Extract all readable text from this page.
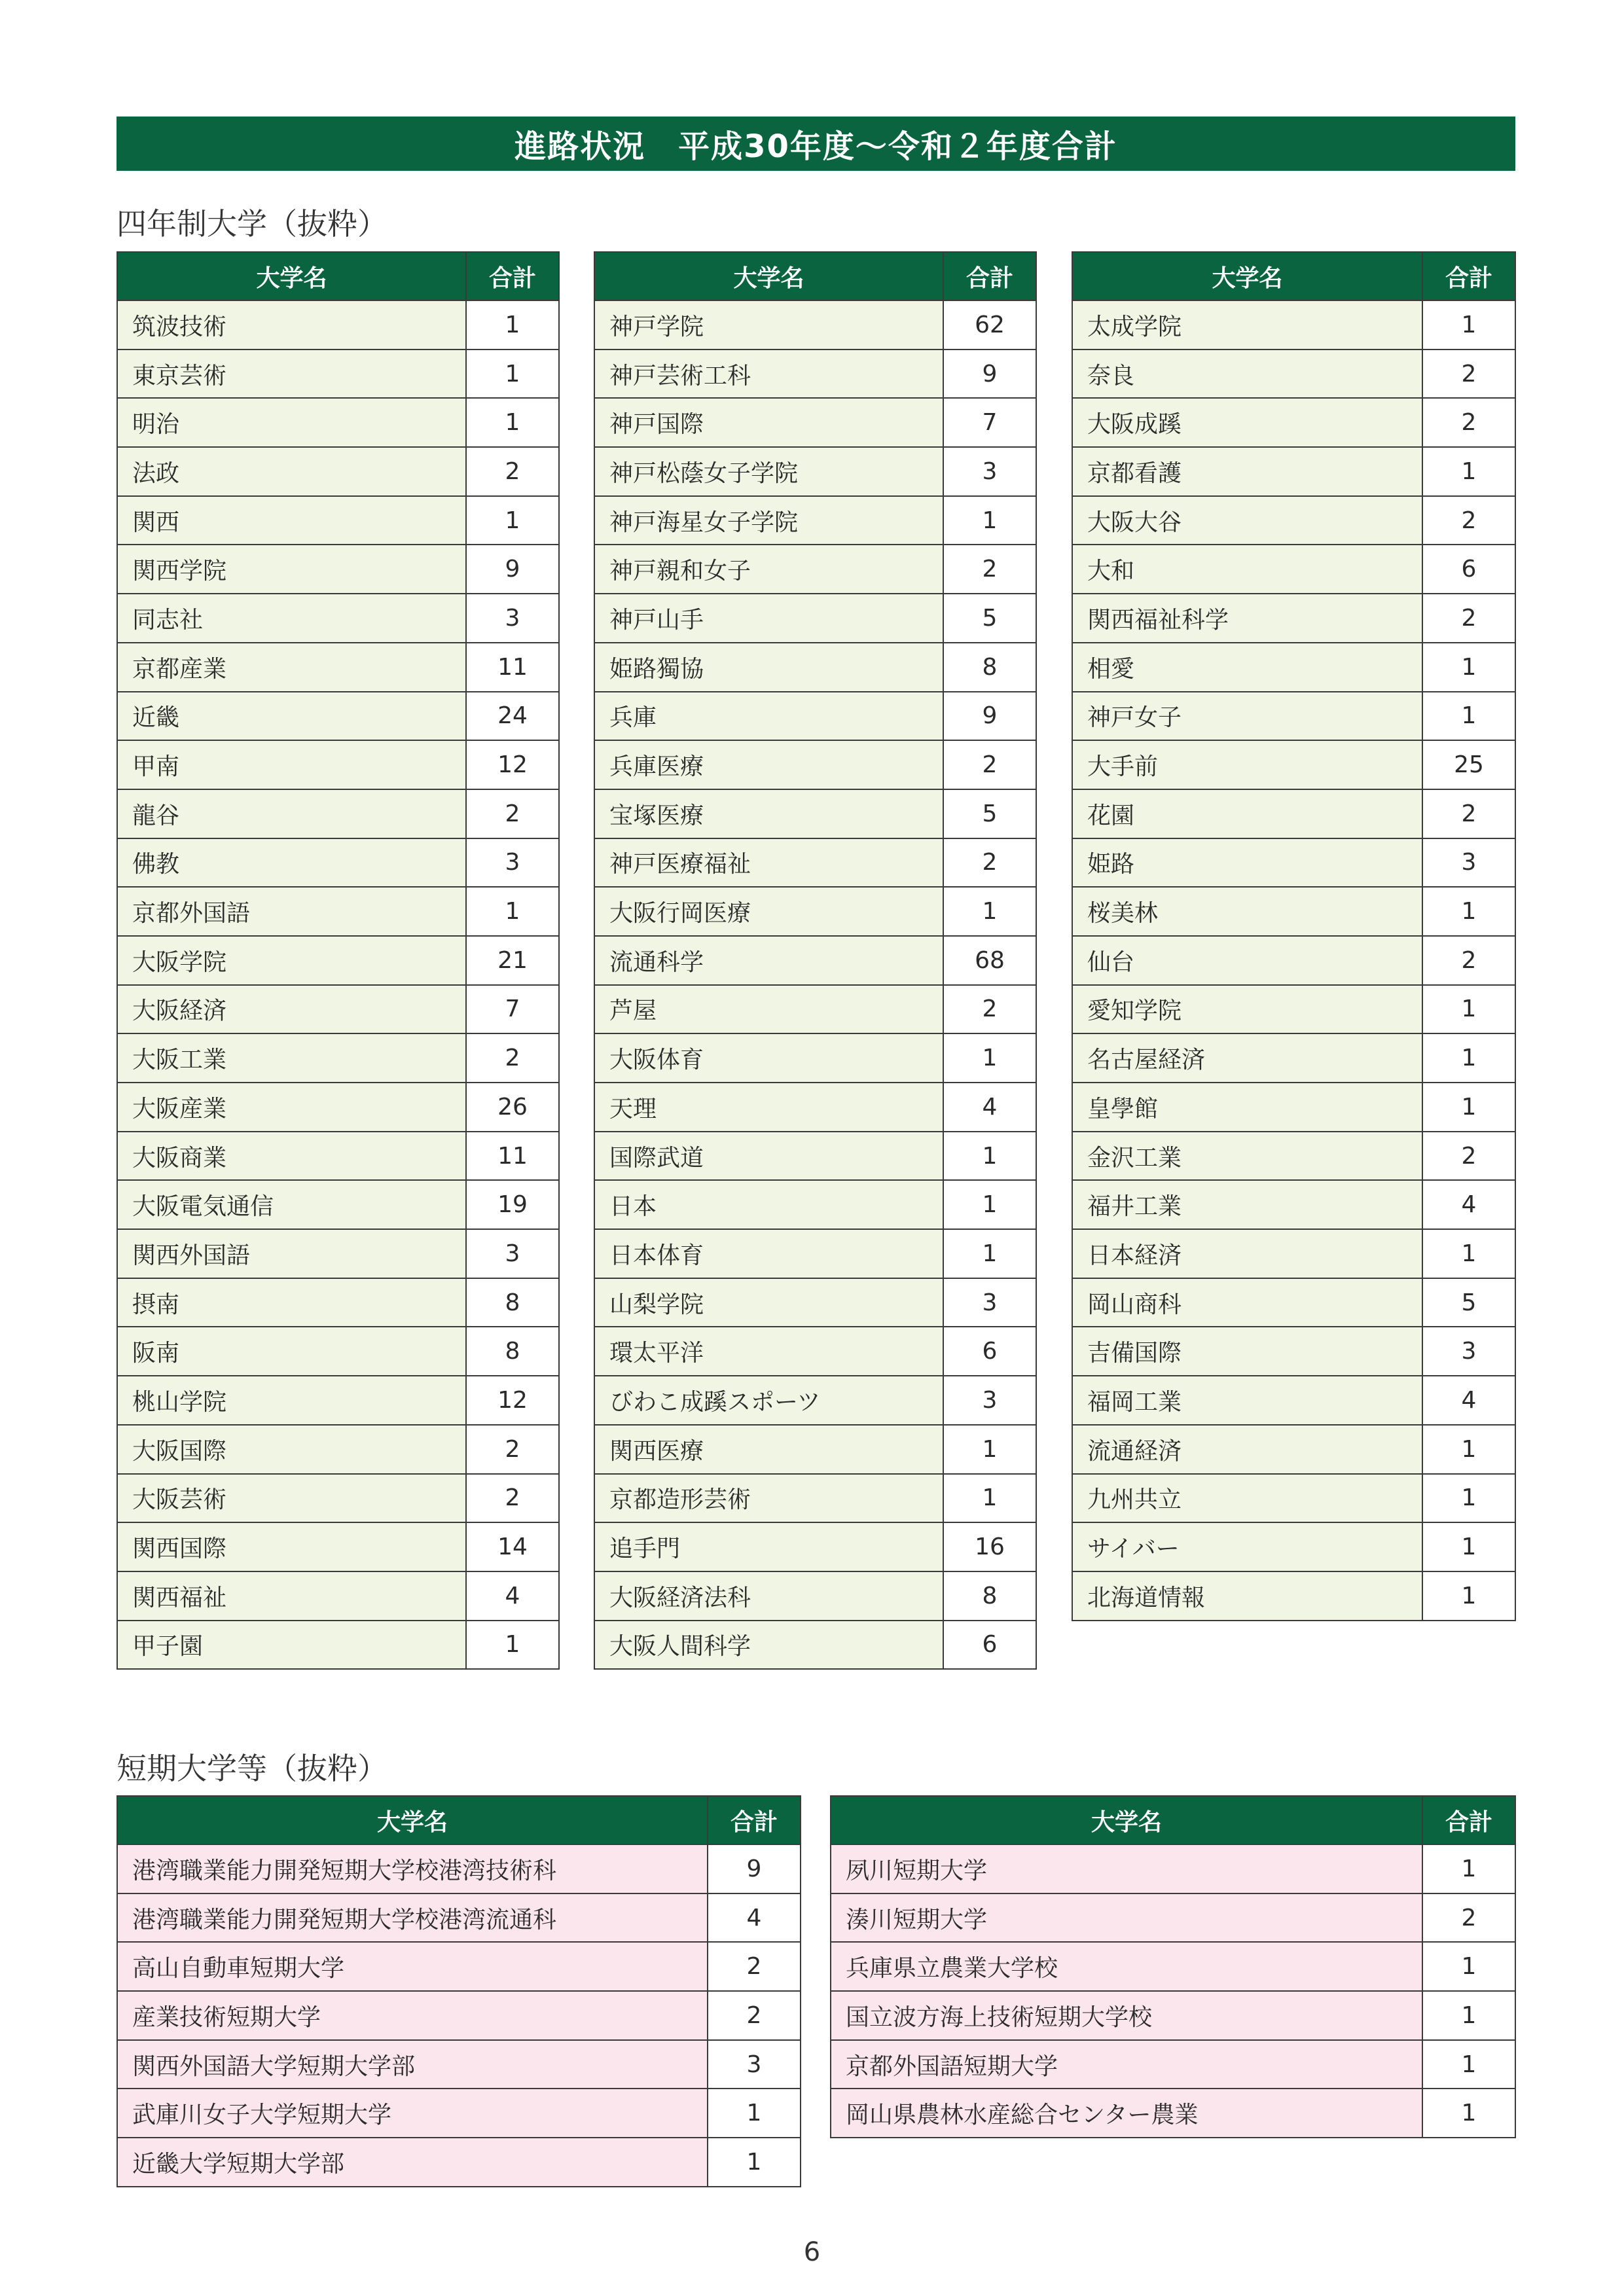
進路状況　平成30年度～令和２年度合計
四年制大学（抜粋）
大学名	合計
筑波技術	1
東京芸術	1
明治	1
法政	2
関西	1
関西学院	9
同志社	3
京都産業	11
近畿	24
甲南	12
龍谷	2
佛教	3
京都外国語	1
大阪学院	21
大阪経済	7
大阪工業	2
大阪産業	26
大阪商業	11
大阪電気通信	19
関西外国語	3
摂南	8
阪南	8
桃山学院	12
大阪国際	2
大阪芸術	2
関西国際	14
関西福祉	4
甲子園	1
大学名	合計
神戸学院	62
神戸芸術工科	9
神戸国際	7
神戸松蔭女子学院	3
神戸海星女子学院	1
神戸親和女子	2
神戸山手	5
姫路獨協	8
兵庫	9
兵庫医療	2
宝塚医療	5
神戸医療福祉	2
大阪行岡医療	1
流通科学	68
芦屋	2
大阪体育	1
天理	4
国際武道	1
日本	1
日本体育	1
山梨学院	3
環太平洋	6
びわこ成蹊スポーツ	3
関西医療	1
京都造形芸術	1
追手門	16
大阪経済法科	8
大阪人間科学	6
大学名	合計
太成学院	1
奈良	2
大阪成蹊	2
京都看護	1
大阪大谷	2
大和	6
関西福祉科学	2
相愛	1
神戸女子	1
大手前	25
花園	2
姫路	3
桜美林	1
仙台	2
愛知学院	1
名古屋経済	1
皇學館	1
金沢工業	2
福井工業	4
日本経済	1
岡山商科	5
吉備国際	3
福岡工業	4
流通経済	1
九州共立	1
サイバー	1
北海道情報	1
短期大学等（抜粋）
大学名	合計
港湾職業能力開発短期大学校港湾技術科	9
港湾職業能力開発短期大学校港湾流通科	4
高山自動車短期大学	2
産業技術短期大学	2
関西外国語大学短期大学部	3
武庫川女子大学短期大学	1
近畿大学短期大学部	1
大学名	合計
夙川短期大学	1
湊川短期大学	2
兵庫県立農業大学校	1
国立波方海上技術短期大学校	1
京都外国語短期大学	1
岡山県農林水産総合センター農業	1
6
